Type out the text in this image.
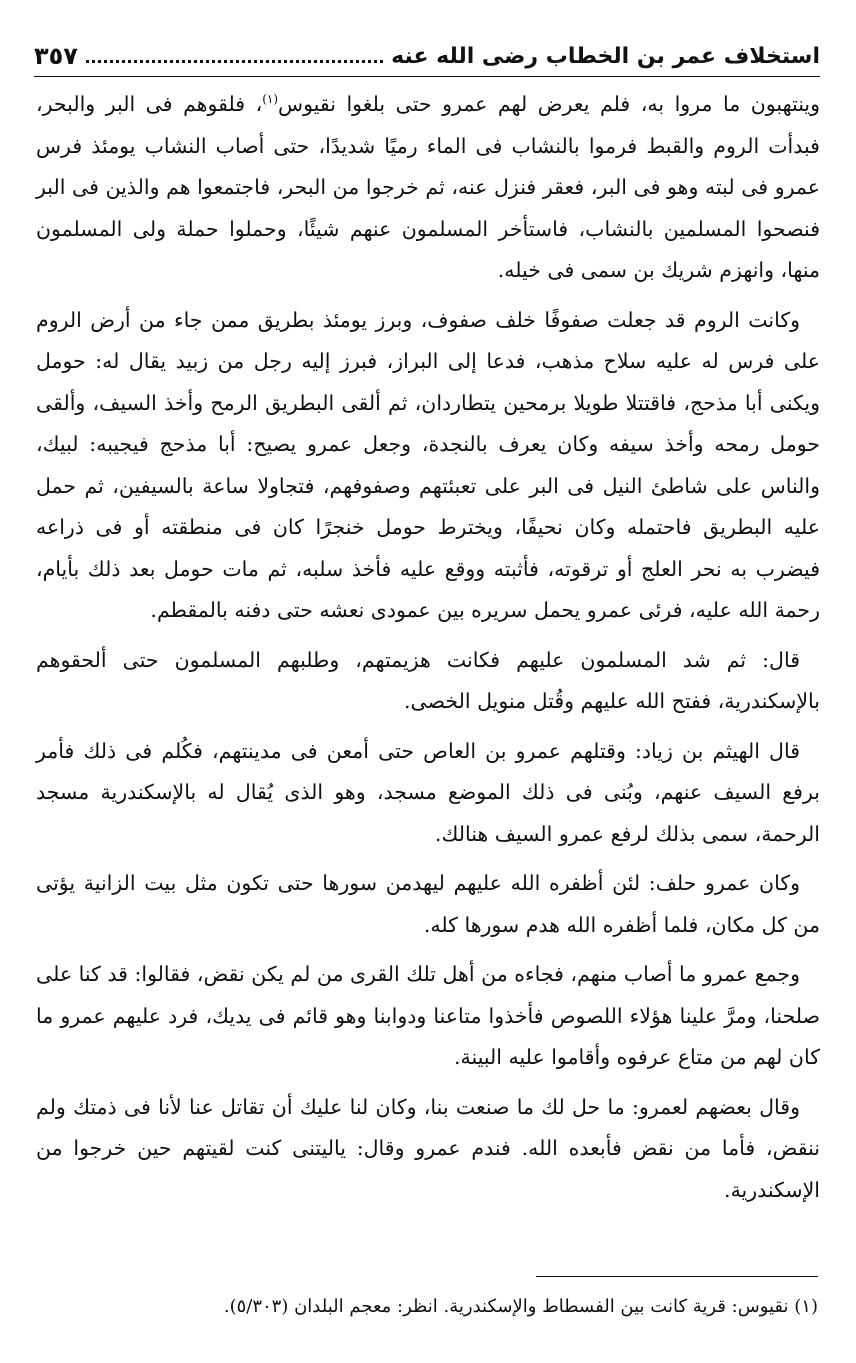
استخلاف عمر بن الخطاب رضى الله عنه
٣٥٧

وينتهبون ما مروا به، فلم يعرض لهم عمرو حتى بلغوا نقيوس$^{(١)}$، فلقوهم فى البر والبحر، فبدأت الروم والقبط فرموا بالنشاب فى الماء رميًا شديدًا، حتى أصاب النشاب يومئذ فرس عمرو فى لبته وهو فى البر، فعقر فنزل عنه، ثم خرجوا من البحر، فاجتمعوا هم والذين فى البر فنصحوا المسلمين بالنشاب، فاستأخر المسلمون عنهم شيئًا، وحملوا حملة ولى المسلمون منها، وانهزم شريك بن سمى فى خيله.

وكانت الروم قد جعلت صفوفًا خلف صفوف، وبرز يومئذ بطريق ممن جاء من أرض الروم على فرس له عليه سلاح مذهب، فدعا إلى البراز، فبرز إليه رجل من زبيد يقال له: حومل ويكنى أبا مذحج، فاقتتلا طويلا برمحين يتطاردان، ثم ألقى البطريق الرمح وأخذ السيف، وألقى حومل رمحه وأخذ سيفه وكان يعرف بالنجدة، وجعل عمرو يصيح: أبا مذحج فيجيبه: لبيك، والناس على شاطئ النيل فى البر على تعبئتهم وصفوفهم، فتجاولا ساعة بالسيفين، ثم حمل عليه البطريق فاحتمله وكان نحيفًا، ويخترط حومل خنجرًا كان فى منطقته أو فى ذراعه فيضرب به نحر العلج أو ترقوته، فأثبته ووقع عليه فأخذ سلبه، ثم مات حومل بعد ذلك بأيام، رحمة الله عليه، فرئى عمرو يحمل سريره بين عمودى نعشه حتى دفنه بالمقطم.

قال: ثم شد المسلمون عليهم فكانت هزيمتهم، وطلبهم المسلمون حتى ألحقوهم بالإسكندرية، ففتح الله عليهم وقُتل منويل الخصى.

قال الهيثم بن زياد: وقتلهم عمرو بن العاص حتى أمعن فى مدينتهم، فكُلم فى ذلك فأمر برفع السيف عنهم، وبُنى فى ذلك الموضع مسجد، وهو الذى يُقال له بالإسكندرية مسجد الرحمة، سمى بذلك لرفع عمرو السيف هنالك.

وكان عمرو حلف: لئن أظفره الله عليهم ليهدمن سورها حتى تكون مثل بيت الزانية يؤتى من كل مكان، فلما أظفره الله هدم سورها كله.

وجمع عمرو ما أصاب منهم، فجاءه من أهل تلك القرى من لم يكن نقض، فقالوا: قد كنا على صلحنا، ومرَّ علينا هؤلاء اللصوص فأخذوا متاعنا ودوابنا وهو قائم فى يديك، فرد عليهم عمرو ما كان لهم من متاع عرفوه وأقاموا عليه البينة.

وقال بعضهم لعمرو: ما حل لك ما صنعت بنا، وكان لنا عليك أن تقاتل عنا لأنا فى ذمتك ولم ننقض، فأما من نقض فأبعده الله. فندم عمرو وقال: ياليتنى كنت لقيتهم حين خرجوا من الإسكندرية.

(١) نقيوس: قرية كانت بين الفسطاط والإسكندرية. انظر: معجم البلدان (٥/٣٠٣).
